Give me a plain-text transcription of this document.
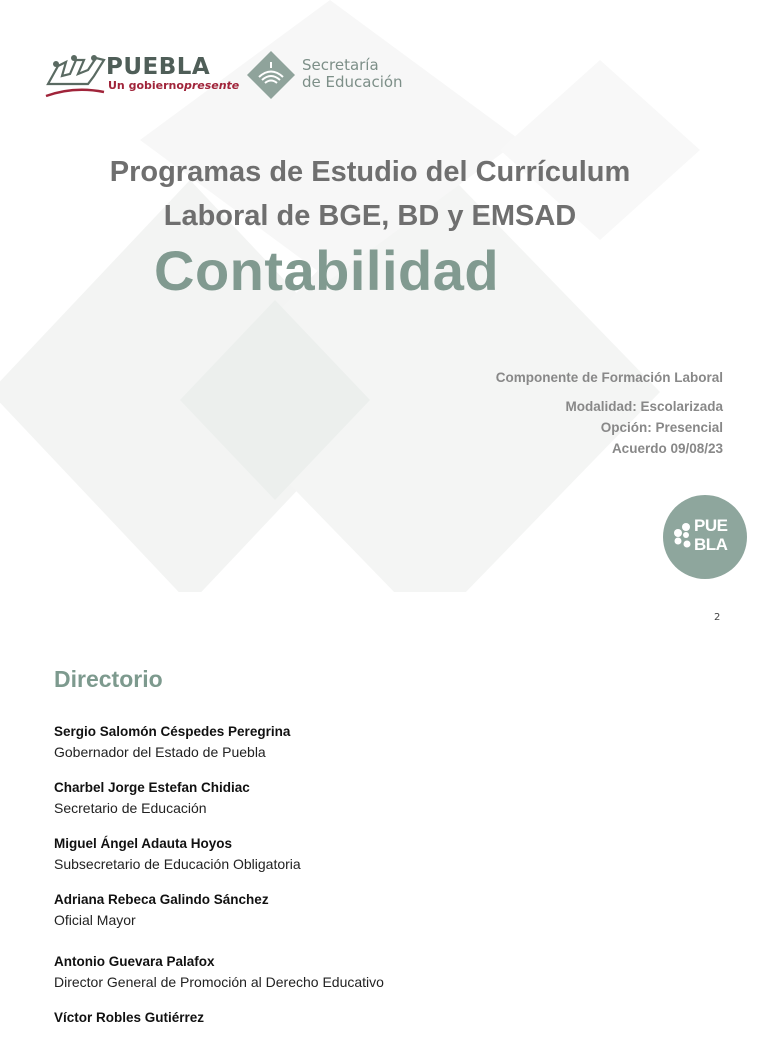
PUEBLA
Un gobiernopresente
Secretaría
de Educación
Programas de Estudio del Currículum
Laboral de BGE, BD y EMSAD
Contabilidad
Componente de Formación Laboral
Modalidad: Escolarizada
Opción: Presencial
Acuerdo 09/08/23
PUE
BLA
2
Directorio
Sergio Salomón Céspedes Peregrina
Gobernador del Estado de Puebla
Charbel Jorge Estefan Chidiac
Secretario de Educación
Miguel Ángel Adauta Hoyos
Subsecretario de Educación Obligatoria
Adriana Rebeca Galindo Sánchez
Oficial Mayor
Antonio Guevara Palafox
Director General de Promoción al Derecho Educativo
Víctor Robles Gutiérrez
